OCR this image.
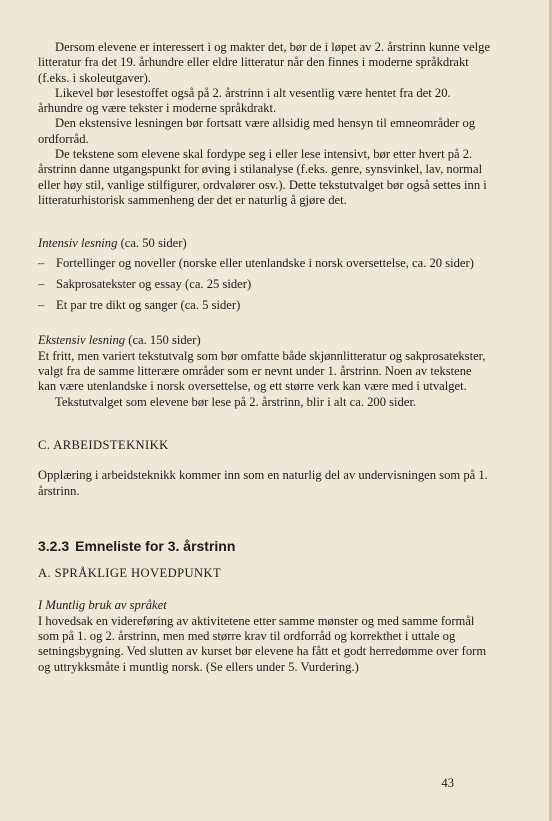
Dersom elevene er interessert i og makter det, bør de i løpet av 2. årstrinn kunne velge litteratur fra det 19. århundre eller eldre litteratur når den finnes i moderne språkdrakt (f.eks. i skoleutgaver).

Likevel bør lesestoffet også på 2. årstrinn i alt vesentlig være hentet fra det 20. århundre og være tekster i moderne språkdrakt.

Den ekstensive lesningen bør fortsatt være allsidig med hensyn til emneområder og ordforråd.

De tekstene som elevene skal fordype seg i eller lese intensivt, bør etter hvert på 2. årstrinn danne utgangspunkt for øving i stilanalyse (f.eks. genre, synsvinkel, lav, normal eller høy stil, vanlige stilfigurer, ordvalører osv.). Dette tekstutvalget bør også settes inn i litteraturhistorisk sammenheng der det er naturlig å gjøre det.

Intensiv lesning (ca. 50 sider)

– Fortellinger og noveller (norske eller utenlandske i norsk oversettelse, ca. 20 sider)
– Sakprosatekster og essay (ca. 25 sider)
– Et par tre dikt og sanger (ca. 5 sider)

Ekstensiv lesning (ca. 150 sider)

Et fritt, men variert tekstutvalg som bør omfatte både skjønnlitteratur og sakprosatekster, valgt fra de samme litterære områder som er nevnt under 1. årstrinn. Noen av tekstene kan være utenlandske i norsk oversettelse, og ett større verk kan være med i utvalget.

Tekstutvalget som elevene bør lese på 2. årstrinn, blir i alt ca. 200 sider.

C. ARBEIDSTEKNIKK

Opplæring i arbeidsteknikk kommer inn som en naturlig del av undervisningen som på 1. årstrinn.

3.2.3 Emneliste for 3. årstrinn

A. SPRÅKLIGE HOVEDPUNKT

I Muntlig bruk av språket

I hovedsak en videreføring av aktivitetene etter samme mønster og med samme formål som på 1. og 2. årstrinn, men med større krav til ordforråd og korrekthet i uttale og setningsbygning. Ved slutten av kurset bør elevene ha fått et godt herredømme over form og uttrykksmåte i muntlig norsk. (Se ellers under 5. Vurdering.)

43
